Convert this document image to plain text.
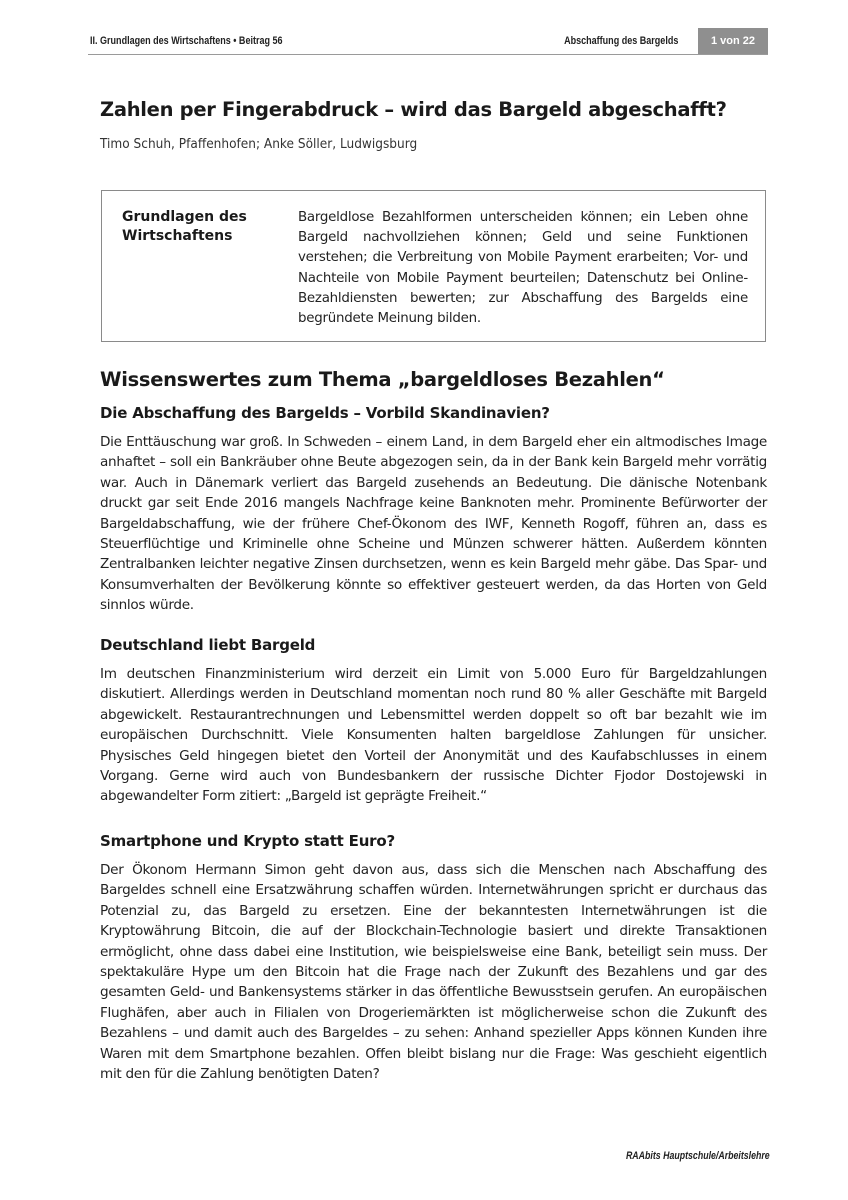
II. Grundlagen des Wirtschaftens • Beitrag 56	Abschaffung des Bargelds	1 von 22
Zahlen per Fingerabdruck – wird das Bargeld abgeschafft?
Timo Schuh, Pfaffenhofen; Anke Söller, Ludwigsburg
Grundlagen des Wirtschaftens
Bargeldlose Bezahlformen unterscheiden können; ein Leben ohne Bargeld nachvollziehen können; Geld und seine Funktionen verstehen; die Verbreitung von Mobile Payment erarbeiten; Vor- und Nachteile von Mobile Payment beurteilen; Datenschutz bei Online-Bezahldiensten bewerten; zur Abschaffung des Bargelds eine begründete Meinung bilden.
Wissenswertes zum Thema „bargeldloses Bezahlen“
Die Abschaffung des Bargelds – Vorbild Skandinavien?

Die Enttäuschung war groß. In Schweden – einem Land, in dem Bargeld eher ein altmodisches Image anhaftet – soll ein Bankräuber ohne Beute abgezogen sein, da in der Bank kein Bargeld mehr vorrätig war. Auch in Dänemark verliert das Bargeld zusehends an Bedeutung. Die dänische Notenbank druckt gar seit Ende 2016 mangels Nachfrage keine Banknoten mehr. Prominente Befürworter der Bargeldabschaffung, wie der frühere Chef-Ökonom des IWF, Kenneth Rogoff, führen an, dass es Steuerflüchtige und Kriminelle ohne Scheine und Münzen schwerer hätten. Außerdem könnten Zentralbanken leichter negative Zinsen durchsetzen, wenn es kein Bargeld mehr gäbe. Das Spar- und Konsumverhalten der Bevölkerung könnte so effektiver gesteuert werden, da das Horten von Geld sinnlos würde.

Deutschland liebt Bargeld

Im deutschen Finanzministerium wird derzeit ein Limit von 5.000 Euro für Bargeldzahlungen diskutiert. Allerdings werden in Deutschland momentan noch rund 80 % aller Geschäfte mit Bargeld abgewickelt. Restaurantrechnungen und Lebensmittel werden doppelt so oft bar bezahlt wie im europäischen Durchschnitt. Viele Konsumenten halten bargeldlose Zahlungen für unsicher. Physisches Geld hingegen bietet den Vorteil der Anonymität und des Kaufabschlusses in einem Vorgang. Gerne wird auch von Bundesbankern der russische Dichter Fjodor Dostojewski in abgewandelter Form zitiert: „Bargeld ist geprägte Freiheit.“

Smartphone und Krypto statt Euro?

Der Ökonom Hermann Simon geht davon aus, dass sich die Menschen nach Abschaffung des Bargeldes schnell eine Ersatzwährung schaffen würden. Internetwährungen spricht er durchaus das Potenzial zu, das Bargeld zu ersetzen. Eine der bekanntesten Internetwährungen ist die Kryptowährung Bitcoin, die auf der Blockchain-Technologie basiert und direkte Transaktionen ermöglicht, ohne dass dabei eine Institution, wie beispielsweise eine Bank, beteiligt sein muss. Der spektakuläre Hype um den Bitcoin hat die Frage nach der Zukunft des Bezahlens und gar des gesamten Geld- und Bankensystems stärker in das öffentliche Bewusstsein gerufen. An europäischen Flughäfen, aber auch in Filialen von Drogeriemärkten ist möglicherweise schon die Zukunft des Bezahlens – und damit auch des Bargeldes – zu sehen: Anhand spezieller Apps können Kunden ihre Waren mit dem Smartphone bezahlen. Offen bleibt bislang nur die Frage: Was geschieht eigentlich mit den für die Zahlung benötigten Daten?

RAAbits Hauptschule/Arbeitslehre
